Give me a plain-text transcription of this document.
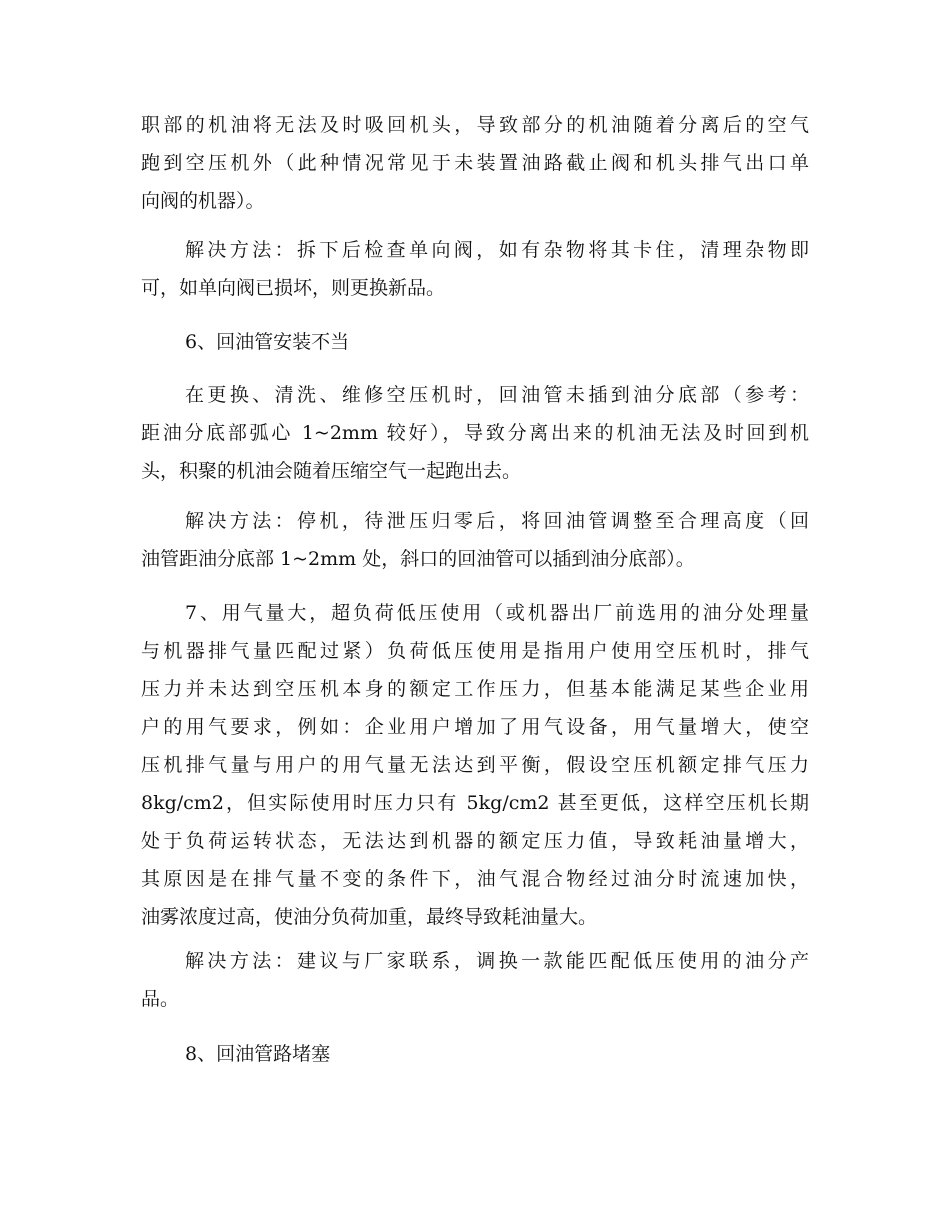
职部的机油将无法及时吸回机头，导致部分的机油随着分离后的空气
跑到空压机外（此种情况常见于未装置油路截止阀和机头排气出口单
向阀的机器）。
解决方法：拆下后检查单向阀，如有杂物将其卡住，清理杂物即
可，如单向阀已损坏，则更换新品。
6、回油管安装不当
在更换、清洗、维修空压机时，回油管未插到油分底部（参考：
距油分底部弧心 1~2mm 较好），导致分离出来的机油无法及时回到机
头，积聚的机油会随着压缩空气一起跑出去。
解决方法：停机，待泄压归零后，将回油管调整至合理高度（回
油管距油分底部 1~2mm 处，斜口的回油管可以插到油分底部）。
7、用气量大，超负荷低压使用（或机器出厂前选用的油分处理量
与机器排气量匹配过紧）负荷低压使用是指用户使用空压机时，排气
压力并未达到空压机本身的额定工作压力，但基本能满足某些企业用
户的用气要求，例如：企业用户增加了用气设备，用气量增大，使空
压机排气量与用户的用气量无法达到平衡，假设空压机额定排气压力
8kg/cm2，但实际使用时压力只有 5kg/cm2 甚至更低，这样空压机长期
处于负荷运转状态，无法达到机器的额定压力值，导致耗油量增大，
其原因是在排气量不变的条件下，油气混合物经过油分时流速加快，
油雾浓度过高，使油分负荷加重，最终导致耗油量大。
解决方法：建议与厂家联系，调换一款能匹配低压使用的油分产
品。
8、回油管路堵塞
